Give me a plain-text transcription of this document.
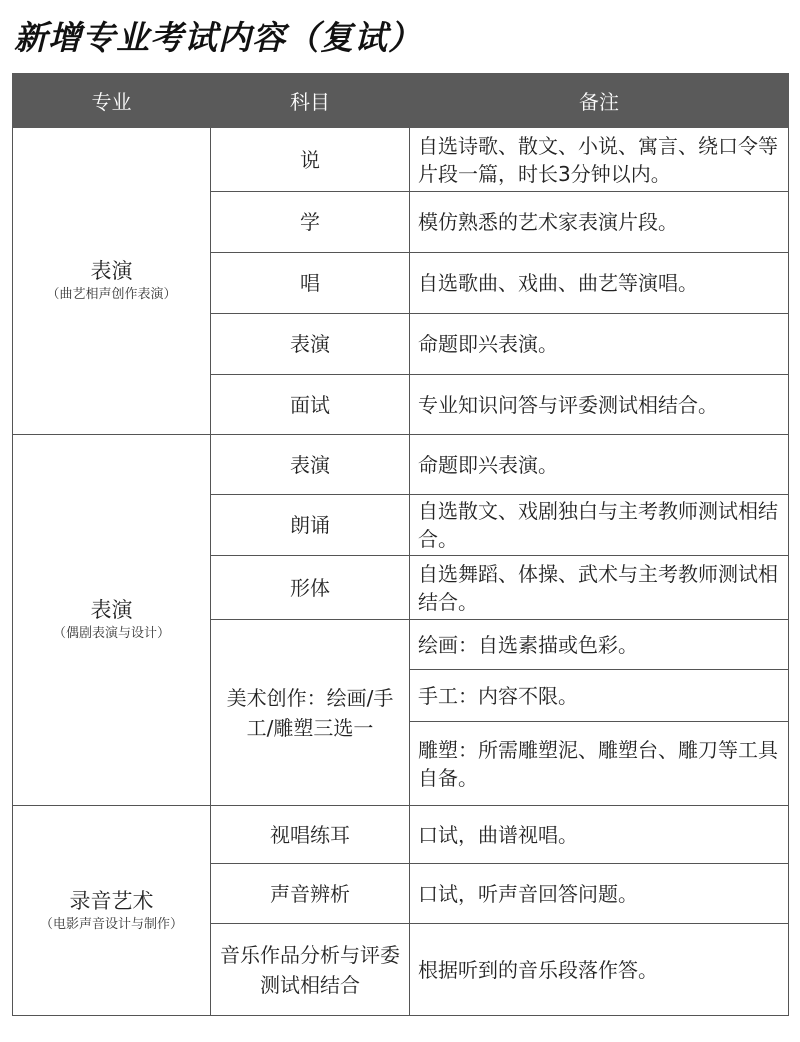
新增专业考试内容（复试）
专业	科目	备注

表演
（曲艺相声创作表演）	说	自选诗歌、散文、小说、寓言、绕口令等片段一篇，时长3分钟以内。
	学	模仿熟悉的艺术家表演片段。
	唱	自选歌曲、戏曲、曲艺等演唱。
	表演	命题即兴表演。
	面试	专业知识问答与评委测试相结合。

表演
（偶剧表演与设计）	表演	命题即兴表演。
	朗诵	自选散文、戏剧独白与主考教师测试相结合。
	形体	自选舞蹈、体操、武术与主考教师测试相结合。
	美术创作：绘画/手工/雕塑三选一	绘画：自选素描或色彩。
		手工：内容不限。
		雕塑：所需雕塑泥、雕塑台、雕刀等工具自备。

录音艺术
（电影声音设计与制作）	视唱练耳	口试，曲谱视唱。
	声音辨析	口试，听声音回答问题。
	音乐作品分析与评委测试相结合	根据听到的音乐段落作答。
